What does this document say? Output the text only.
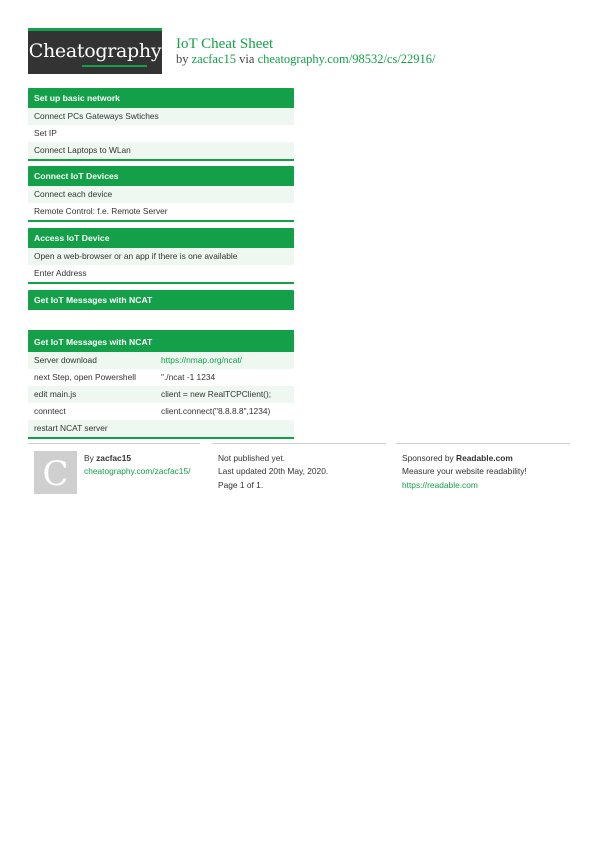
Cheatography IoT Cheat Sheet
by zacfac15 via cheatography.com/98532/cs/22916/
Set up basic network
Connect PCs Gateways Swtiches
Set IP
Connect Laptops to WLan
Connect IoT Devices
Connect each device
Remote Control: f.e. Remote Server
Access IoT Device
Open a web-browser or an app if there is one available
Enter Address
Get IoT Messages with NCAT
Get IoT Messages with NCAT
Server download	https://nmap.org/ncat/
next Step, open Powershell	"./ncat -1 1234
edit main.js	client = new RealTCPClient();
conntect	client.connect("8.8.8.8",1234)
restart NCAT server
C	By zacfac15
cheatography.com/zacfac15/
Not published yet.
Last updated 20th May, 2020.
Page 1 of 1.
Sponsored by Readable.com
Measure your website readability!
https://readable.com
